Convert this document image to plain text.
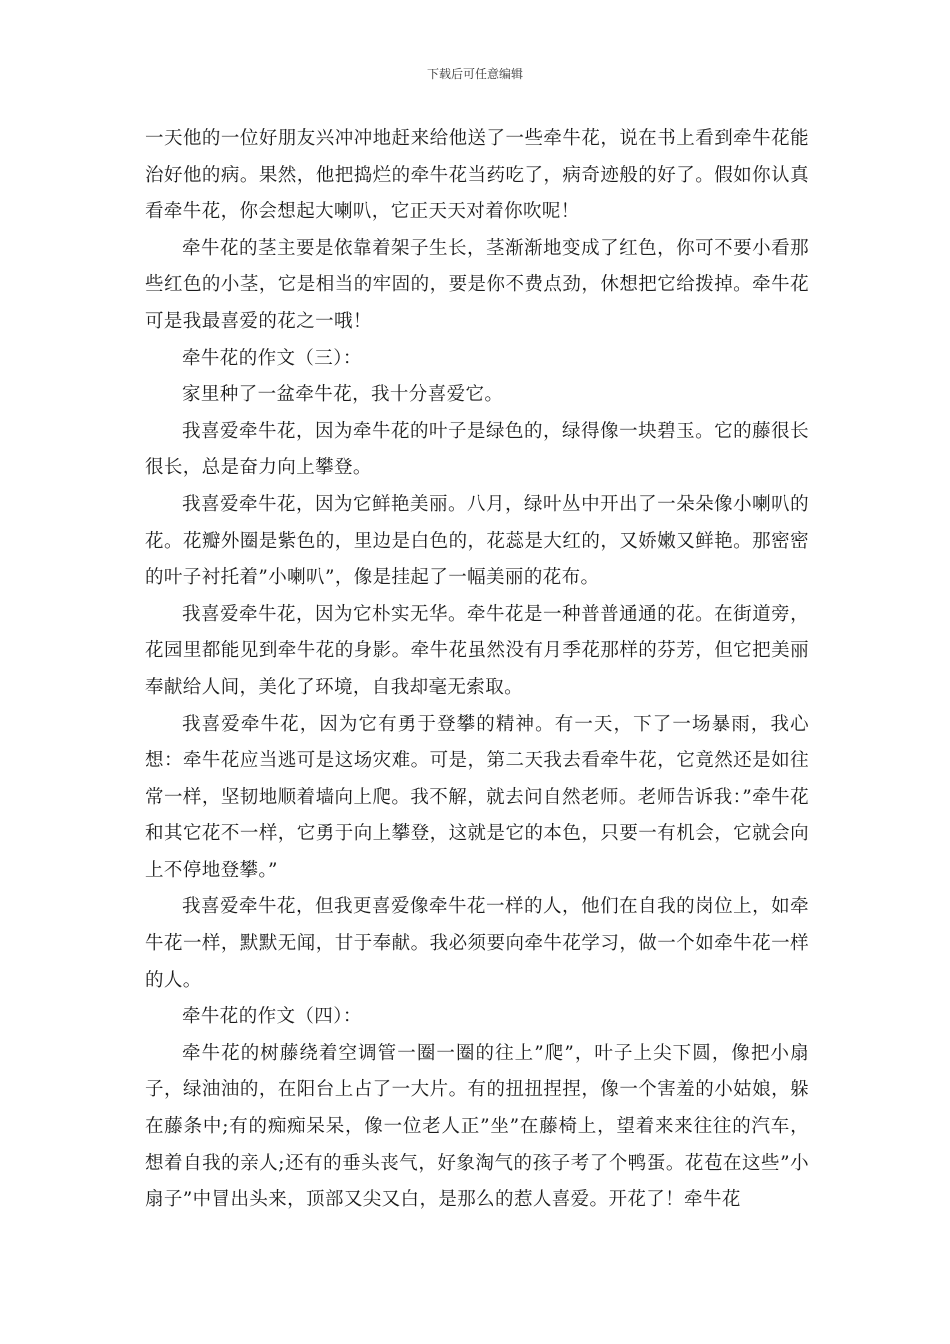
下载后可任意编辑

一天他的一位好朋友兴冲冲地赶来给他送了一些牵牛花，说在书上看到牵牛花能治好他的病。果然，他把捣烂的牵牛花当药吃了，病奇迹般的好了。假如你认真看牵牛花，你会想起大喇叭，它正天天对着你吹呢！

牵牛花的茎主要是依靠着架子生长，茎渐渐地变成了红色，你可不要小看那些红色的小茎，它是相当的牢固的，要是你不费点劲，休想把它给拨掉。牵牛花可是我最喜爱的花之一哦！

牵牛花的作文（三）：

家里种了一盆牵牛花，我十分喜爱它。

我喜爱牵牛花，因为牵牛花的叶子是绿色的，绿得像一块碧玉。它的藤很长很长，总是奋力向上攀登。

我喜爱牵牛花，因为它鲜艳美丽。八月，绿叶丛中开出了一朵朵像小喇叭的花。花瓣外圈是紫色的，里边是白色的，花蕊是大红的，又娇嫩又鲜艳。那密密的叶子衬托着”小喇叭”，像是挂起了一幅美丽的花布。

我喜爱牵牛花，因为它朴实无华。牵牛花是一种普普通通的花。在街道旁，花园里都能见到牵牛花的身影。牵牛花虽然没有月季花那样的芬芳，但它把美丽奉献给人间，美化了环境，自我却毫无索取。

我喜爱牵牛花，因为它有勇于登攀的精神。有一天，下了一场暴雨，我心想：牵牛花应当逃可是这场灾难。可是，第二天我去看牵牛花，它竟然还是如往常一样，坚韧地顺着墙向上爬。我不解，就去问自然老师。老师告诉我：”牵牛花和其它花不一样，它勇于向上攀登，这就是它的本色，只要一有机会，它就会向上不停地登攀。”

我喜爱牵牛花，但我更喜爱像牵牛花一样的人，他们在自我的岗位上，如牵牛花一样，默默无闻，甘于奉献。我必须要向牵牛花学习，做一个如牵牛花一样的人。

牵牛花的作文（四）：

牵牛花的树藤绕着空调管一圈一圈的往上”爬”，叶子上尖下圆，像把小扇子，绿油油的，在阳台上占了一大片。有的扭扭捏捏，像一个害羞的小姑娘，躲在藤条中;有的痴痴呆呆，像一位老人正”坐”在藤椅上，望着来来往往的汽车，想着自我的亲人;还有的垂头丧气，好象淘气的孩子考了个鸭蛋。花苞在这些”小扇子”中冒出头来，顶部又尖又白，是那么的惹人喜爱。开花了！牵牛花
